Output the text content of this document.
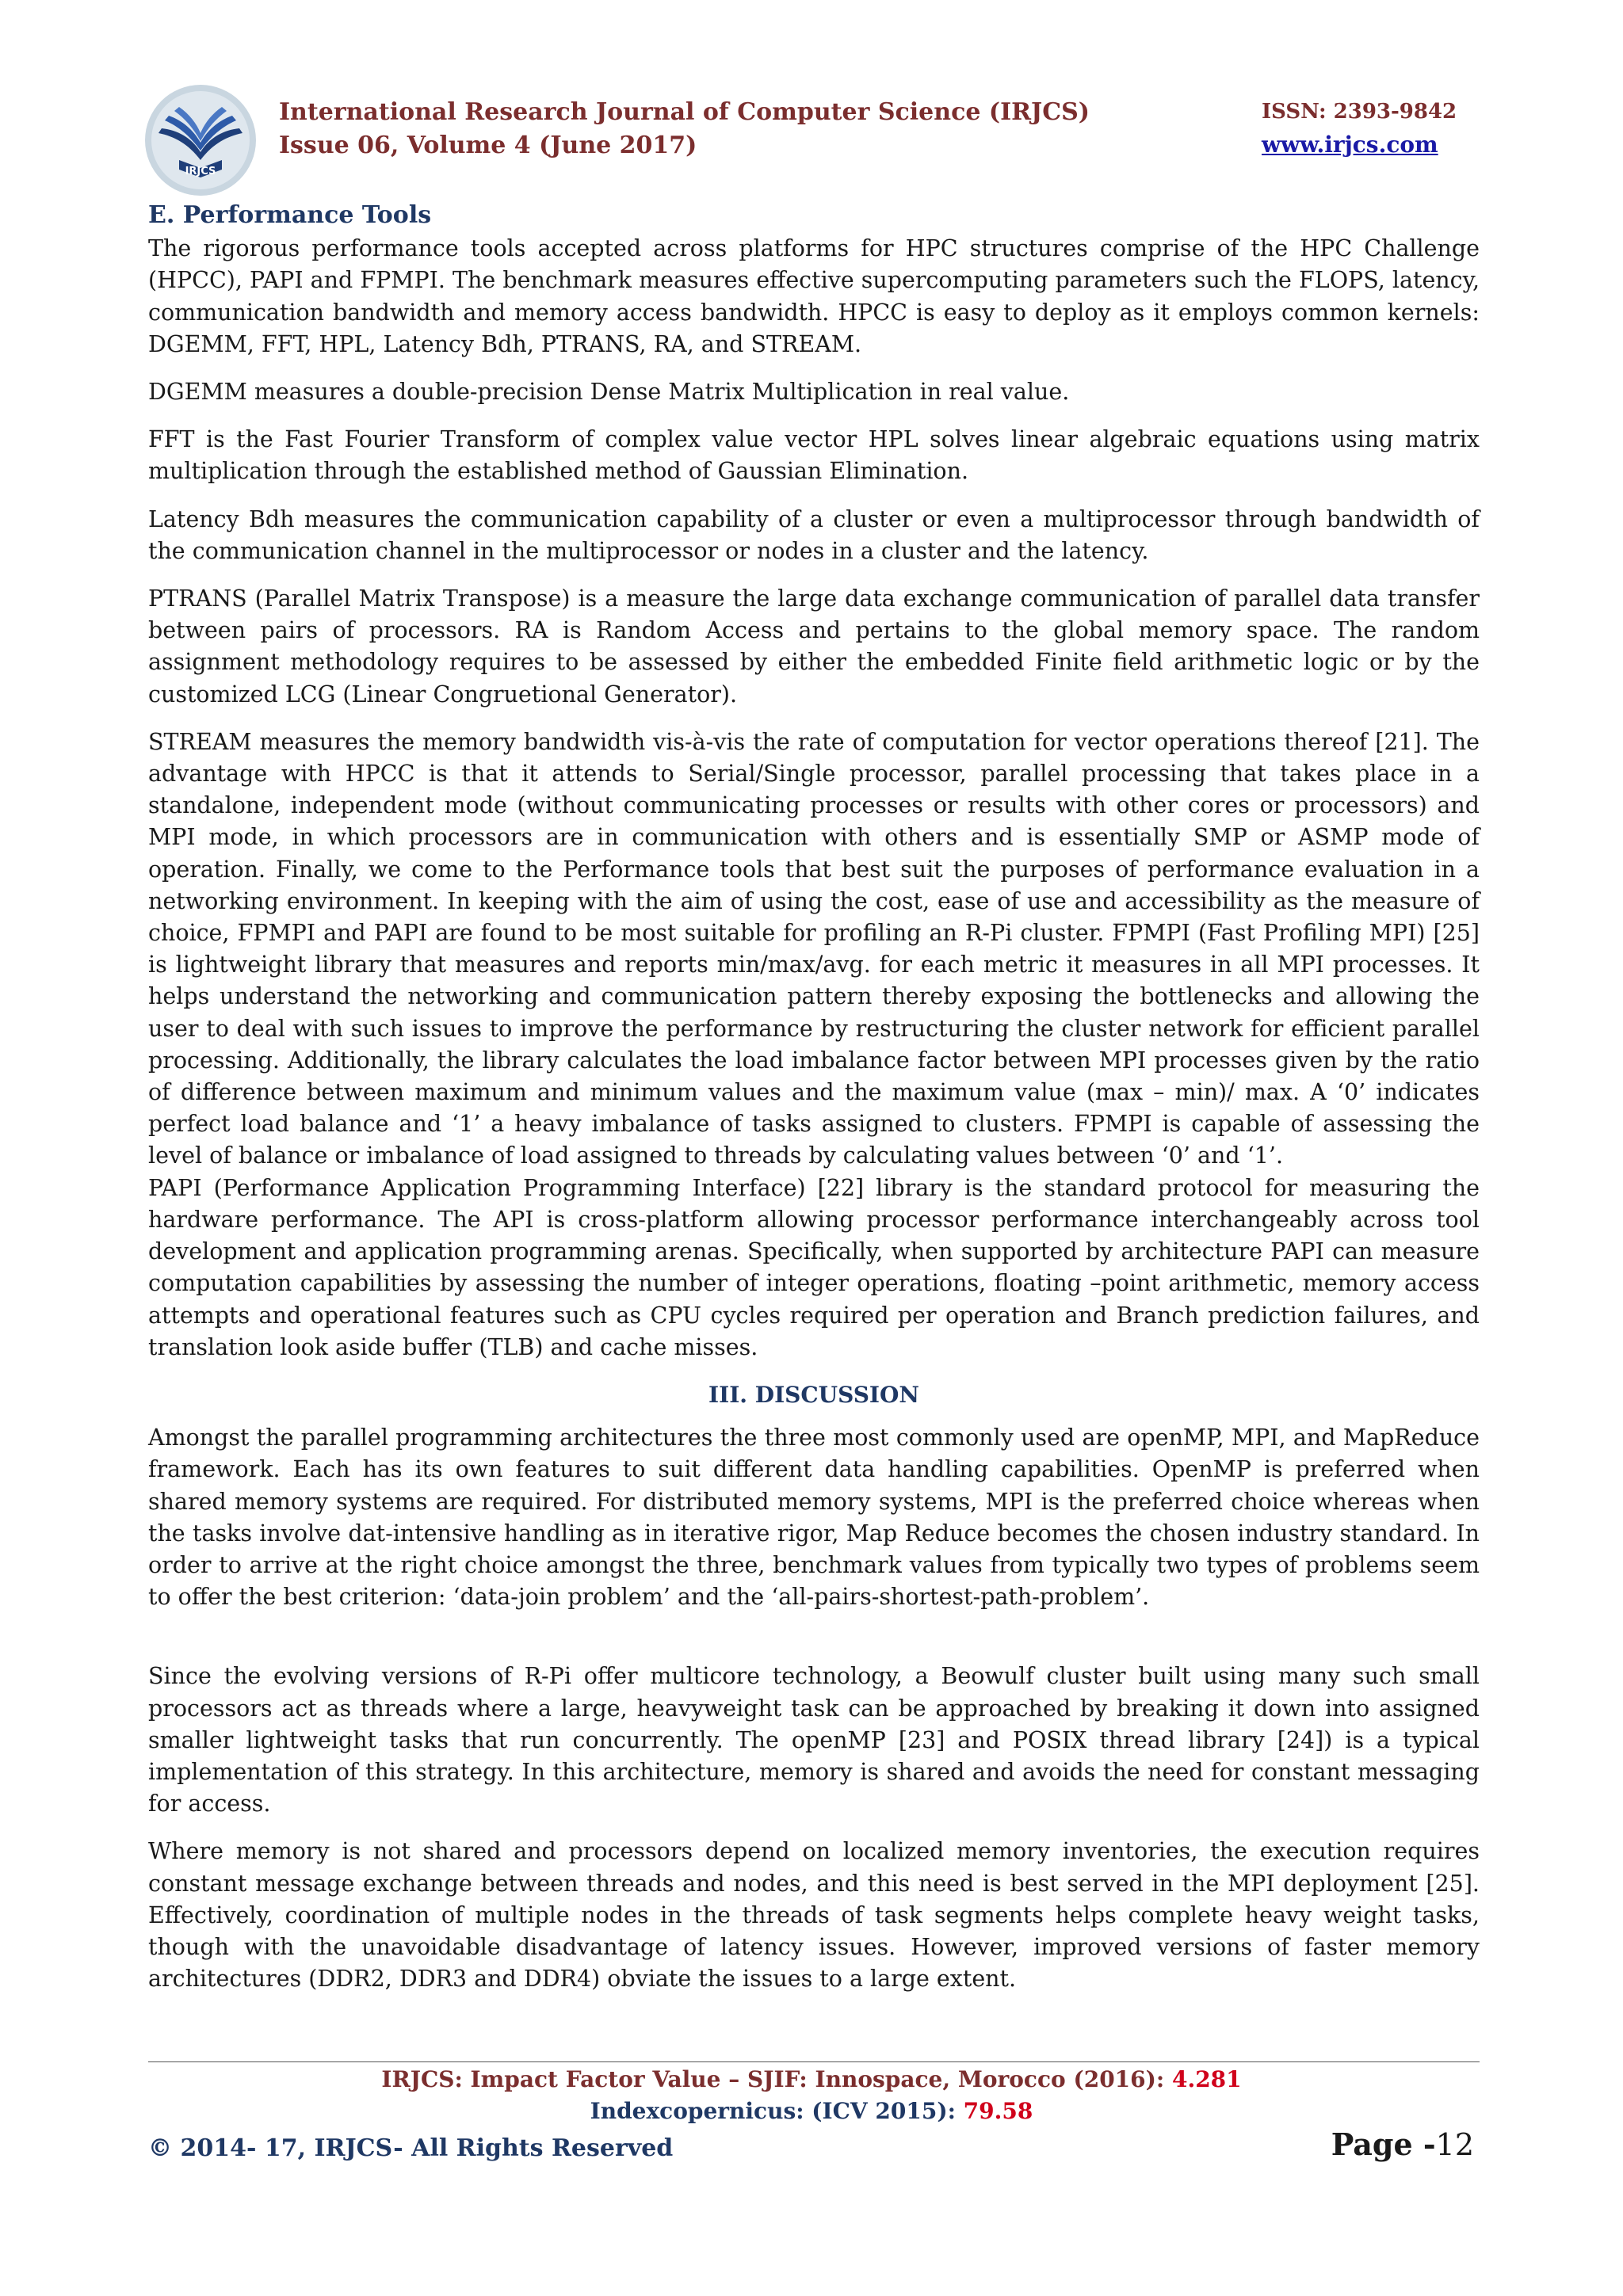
IRJCS
International Research Journal of Computer Science (IRJCS)
Issue 06, Volume 4 (June 2017)
ISSN: 2393-9842
www.irjcs.com
E. Performance Tools

The rigorous performance tools accepted across platforms for HPC structures comprise of the HPC Challenge (HPCC), PAPI and FPMPI. The benchmark measures effective supercomputing parameters such the FLOPS, latency, communication bandwidth and memory access bandwidth. HPCC is easy to deploy as it employs common kernels: DGEMM, FFT, HPL, Latency Bdh, PTRANS, RA, and STREAM.

DGEMM measures a double-precision Dense Matrix Multiplication in real value.

FFT is the Fast Fourier Transform of complex value vector HPL solves linear algebraic equations using matrix multiplication through the established method of Gaussian Elimination.

Latency Bdh measures the communication capability of a cluster or even a multiprocessor through bandwidth of the communication channel in the multiprocessor or nodes in a cluster and the latency.

PTRANS (Parallel Matrix Transpose) is a measure the large data exchange communication of parallel data transfer between pairs of processors. RA is Random Access and pertains to the global memory space. The random assignment methodology requires to be assessed by either the embedded Finite field arithmetic logic or by the customized LCG (Linear Congruetional Generator).

STREAM measures the memory bandwidth vis-à-vis the rate of computation for vector operations thereof [21]. The advantage with HPCC is that it attends to Serial/Single processor, parallel processing that takes place in a standalone, independent mode (without communicating processes or results with other cores or processors) and MPI mode, in which processors are in communication with others and is essentially SMP or ASMP mode of operation. Finally, we come to the Performance tools that best suit the purposes of performance evaluation in a networking environment. In keeping with the aim of using the cost, ease of use and accessibility as the measure of choice, FPMPI and PAPI are found to be most suitable for profiling an R-Pi cluster. FPMPI (Fast Profiling MPI) [25] is lightweight library that measures and reports min/max/avg. for each metric it measures in all MPI processes. It helps understand the networking and communication pattern thereby exposing the bottlenecks and allowing the user to deal with such issues to improve the performance by restructuring the cluster network for efficient parallel processing. Additionally, the library calculates the load imbalance factor between MPI processes given by the ratio of difference between maximum and minimum values and the maximum value (max – min)/ max. A ‘0’ indicates perfect load balance and ‘1’ a heavy imbalance of tasks assigned to clusters. FPMPI is capable of assessing the level of balance or imbalance of load assigned to threads by calculating values between ‘0’ and ‘1’.

PAPI (Performance Application Programming Interface) [22] library is the standard protocol for measuring the hardware performance. The API is cross-platform allowing processor performance interchangeably across tool development and application programming arenas. Specifically, when supported by architecture PAPI can measure computation capabilities by assessing the number of integer operations, floating –point arithmetic, memory access attempts and operational features such as CPU cycles required per operation and Branch prediction failures, and translation look aside buffer (TLB) and cache misses.

III. DISCUSSION

Amongst the parallel programming architectures the three most commonly used are openMP, MPI, and MapReduce framework. Each has its own features to suit different data handling capabilities. OpenMP is preferred when shared memory systems are required. For distributed memory systems, MPI is the preferred choice whereas when the tasks involve dat-intensive handling as in iterative rigor, Map Reduce becomes the chosen industry standard. In order to arrive at the right choice amongst the three, benchmark values from typically two types of problems seem to offer the best criterion: ‘data-join problem’ and the ‘all-pairs-shortest-path-problem’.

Since the evolving versions of R-Pi offer multicore technology, a Beowulf cluster built using many such small processors act as threads where a large, heavyweight task can be approached by breaking it down into assigned smaller lightweight tasks that run concurrently. The openMP [23] and POSIX thread library [24]) is a typical implementation of this strategy. In this architecture, memory is shared and avoids the need for constant messaging for access.

Where memory is not shared and processors depend on localized memory inventories, the execution requires constant message exchange between threads and nodes, and this need is best served in the MPI deployment [25]. Effectively, coordination of multiple nodes in the threads of task segments helps complete heavy weight tasks, though with the unavoidable disadvantage of latency issues. However, improved versions of faster memory architectures (DDR2, DDR3 and DDR4) obviate the issues to a large extent.

IRJCS: Impact Factor Value – SJIF: Innospace, Morocco (2016): 4.281
Indexcopernicus: (ICV 2015): 79.58
© 2014- 17, IRJCS- All Rights Reserved	Page -12
